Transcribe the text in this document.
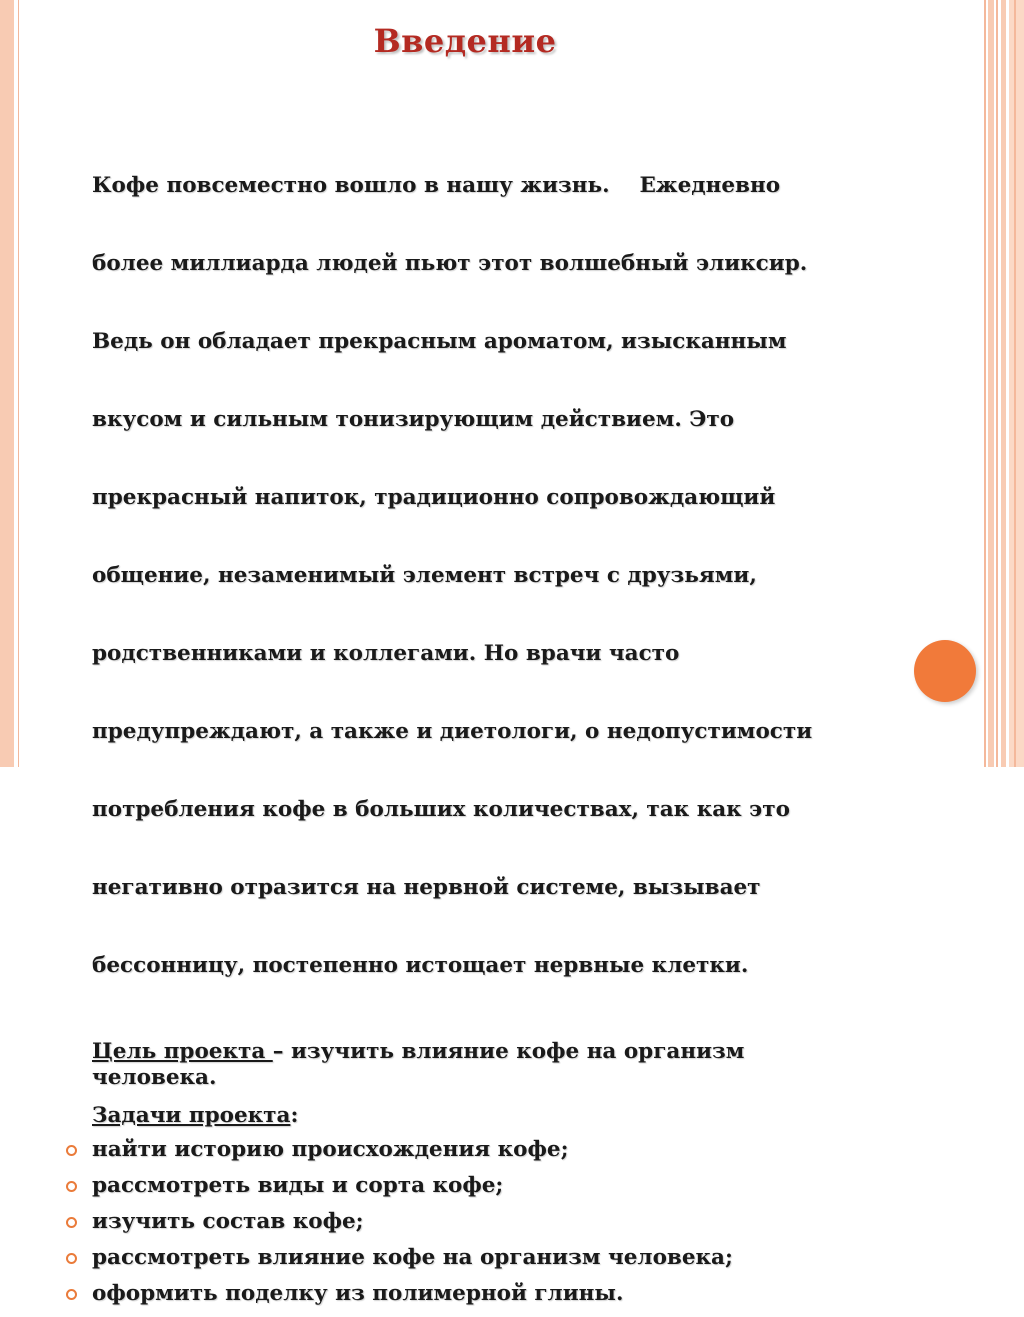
Введение

Кофе повсеместно вошло в нашу жизнь.    Ежедневно

более миллиарда людей пьют этот волшебный эликсир.

Ведь он обладает прекрасным ароматом, изысканным

вкусом и сильным тонизирующим действием. Это

прекрасный напиток, традиционно сопровождающий

общение, незаменимый элемент встреч с друзьями,

родственниками и коллегами. Но врачи часто

предупреждают, а также и диетологи, о недопустимости

потребления кофе в больших количествах, так как это

негативно отразится на нервной системе, вызывает

бессонницу, постепенно истощает нервные клетки.

Цель проекта – изучить влияние кофе на организм
человека.
Задачи проекта:
найти историю происхождения кофе;
рассмотреть виды и сорта кофе;
изучить состав кофе;
рассмотреть влияние кофе на организм человека;
оформить поделку из полимерной глины.
